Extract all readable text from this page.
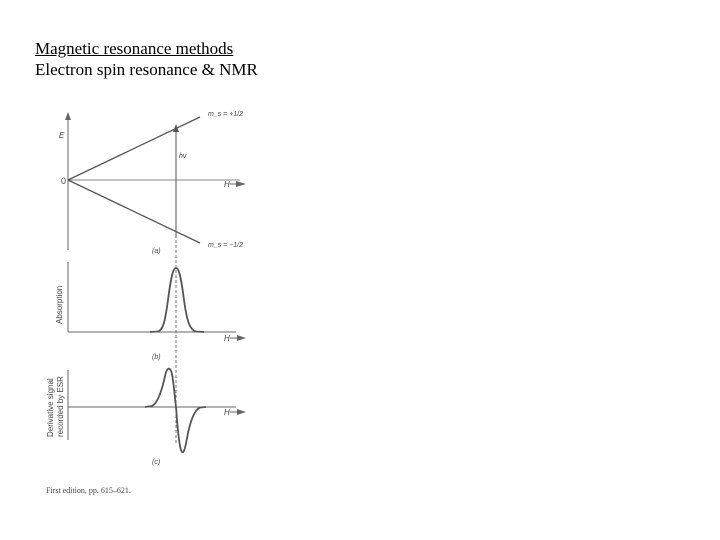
Magnetic resonance methods
Electron spin resonance & NMR
E
0	H
m_s = +1/2
m_s = −1/2
hν
(a)
Absorption
H
(b)
Derivative signal recorded by ESR	H
(c)
First edition, pp. 615–621.
